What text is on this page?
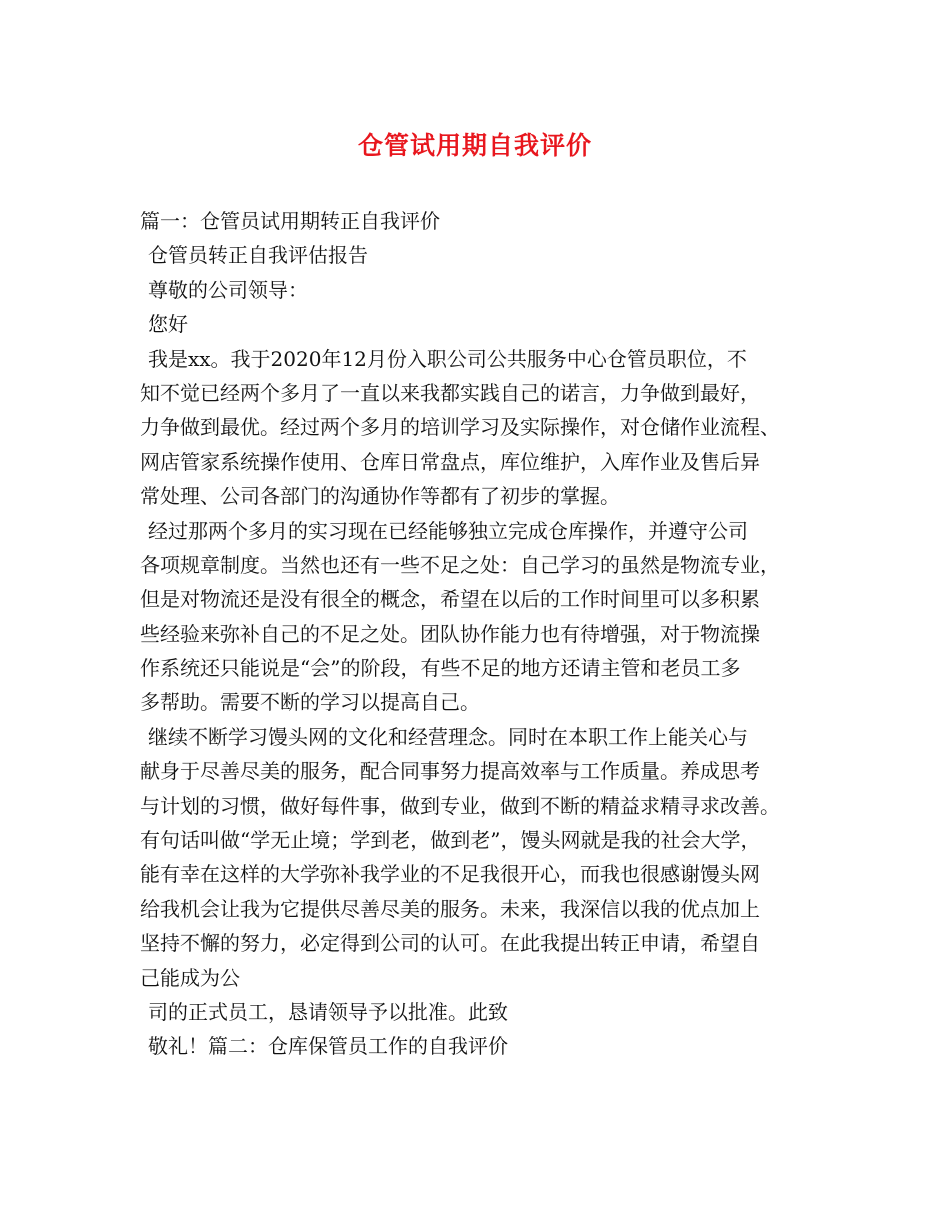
仓管试用期自我评价
篇一：仓管员试用期转正自我评价
仓管员转正自我评估报告
尊敬的公司领导：
您好
我是xx。我于2020年12月份入职公司公共服务中心仓管员职位，不
知不觉已经两个多月了一直以来我都实践自己的诺言，力争做到最好，
力争做到最优。经过两个多月的培训学习及实际操作，对仓储作业流程、
网店管家系统操作使用、仓库日常盘点，库位维护，入库作业及售后异
常处理、公司各部门的沟通协作等都有了初步的掌握。
经过那两个多月的实习现在已经能够独立完成仓库操作，并遵守公司
各项规章制度。当然也还有一些不足之处：自己学习的虽然是物流专业，
但是对物流还是没有很全的概念，希望在以后的工作时间里可以多积累
些经验来弥补自己的不足之处。团队协作能力也有待增强，对于物流操
作系统还只能说是“会”的阶段，有些不足的地方还请主管和老员工多
多帮助。需要不断的学习以提高自己。
继续不断学习馒头网的文化和经营理念。同时在本职工作上能关心与
献身于尽善尽美的服务，配合同事努力提高效率与工作质量。养成思考
与计划的习惯，做好每件事，做到专业，做到不断的精益求精寻求改善。
有句话叫做“学无止境；学到老，做到老”，馒头网就是我的社会大学，
能有幸在这样的大学弥补我学业的不足我很开心，而我也很感谢馒头网
给我机会让我为它提供尽善尽美的服务。未来，我深信以我的优点加上
坚持不懈的努力，必定得到公司的认可。在此我提出转正申请，希望自
己能成为公
司的正式员工，恳请领导予以批准。此致
敬礼！篇二：仓库保管员工作的自我评价
